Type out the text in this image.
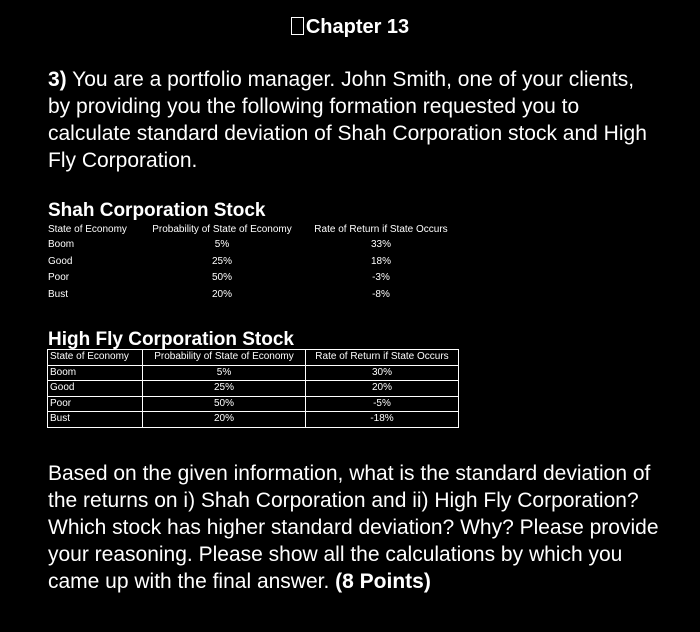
Chapter 13
3) You are a portfolio manager. John Smith, one of your clients, by providing you the following formation requested you to calculate standard deviation of Shah Corporation stock and High Fly Corporation.
Shah Corporation Stock
State of Economy	Probability of State of Economy	Rate of Return if State Occurs
Boom	5%	33%
Good	25%	18%
Poor	50%	-3%
Bust	20%	-8%
High Fly Corporation Stock
State of Economy	Probability of State of Economy	Rate of Return if State Occurs
Boom	5%	30%
Good	25%	20%
Poor	50%	-5%
Bust	20%	-18%
Based on the given information, what is the standard deviation of the returns on i) Shah Corporation and ii) High Fly Corporation? Which stock has higher standard deviation? Why? Please provide your reasoning. Please show all the calculations by which you came up with the final answer. (8 Points)
